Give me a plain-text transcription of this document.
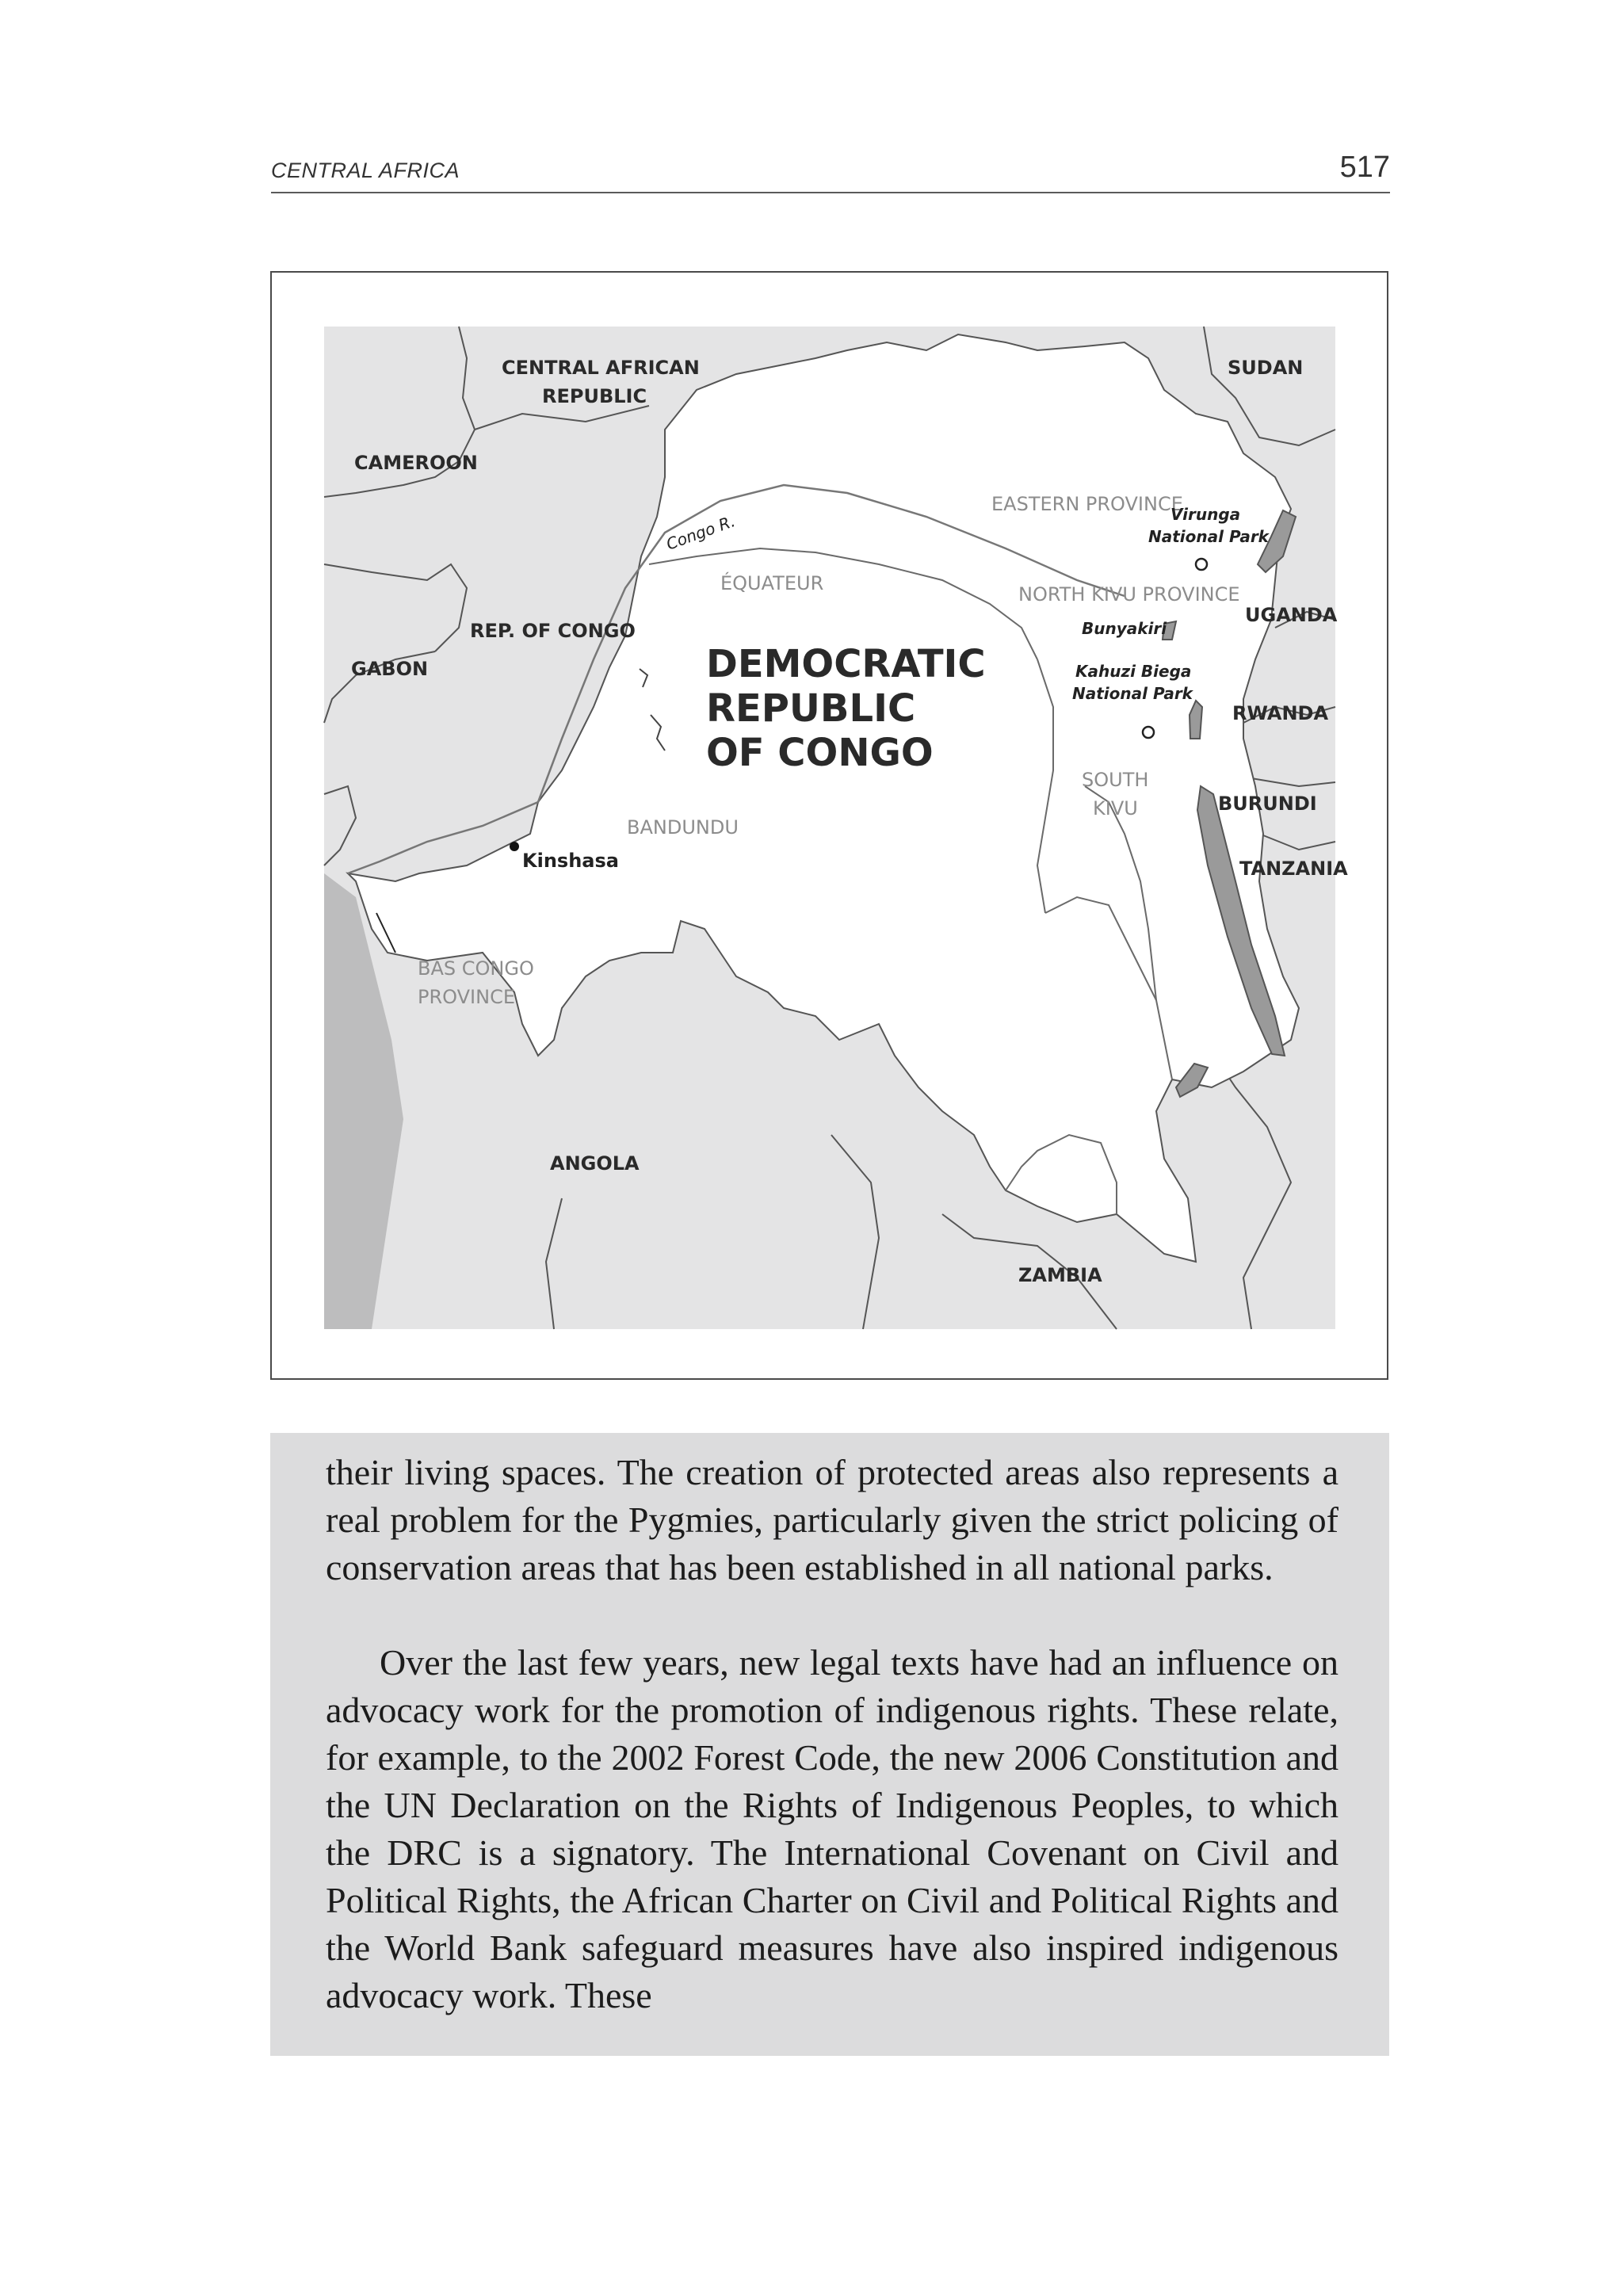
CENTRAL AFRICA	517
CENTRAL AFRICAN
REPUBLIC
SUDAN
CAMEROON
REP. OF CONGO
GABON
UGANDA
RWANDA
BURUNDI
TANZANIA
ANGOLA
ZAMBIA
DEMOCRATIC
REPUBLIC
OF CONGO
EASTERN PROVINCE
ÉQUATEUR	NORTH KIVU PROVINCE
SOUTH
KIVU
BANDUNDU
BAS CONGO
PROVINCE
Congo R.	Virunga
National Park
Bunyakiri
Kahuzi Biega
National Park
Kinshasa

their living spaces. The creation of protected areas also represents a real problem for the Pygmies, particularly given the strict policing of conservation areas that has been established in all national parks.

Over the last few years, new legal texts have had an influence on advocacy work for the promotion of indigenous rights. These relate, for example, to the 2002 Forest Code, the new 2006 Constitution and the UN Declaration on the Rights of Indigenous Peoples, to which the DRC is a signatory. The International Covenant on Civil and Political Rights, the African Charter on Civil and Political Rights and the World Bank safeguard measures have also inspired indigenous advocacy work. These
